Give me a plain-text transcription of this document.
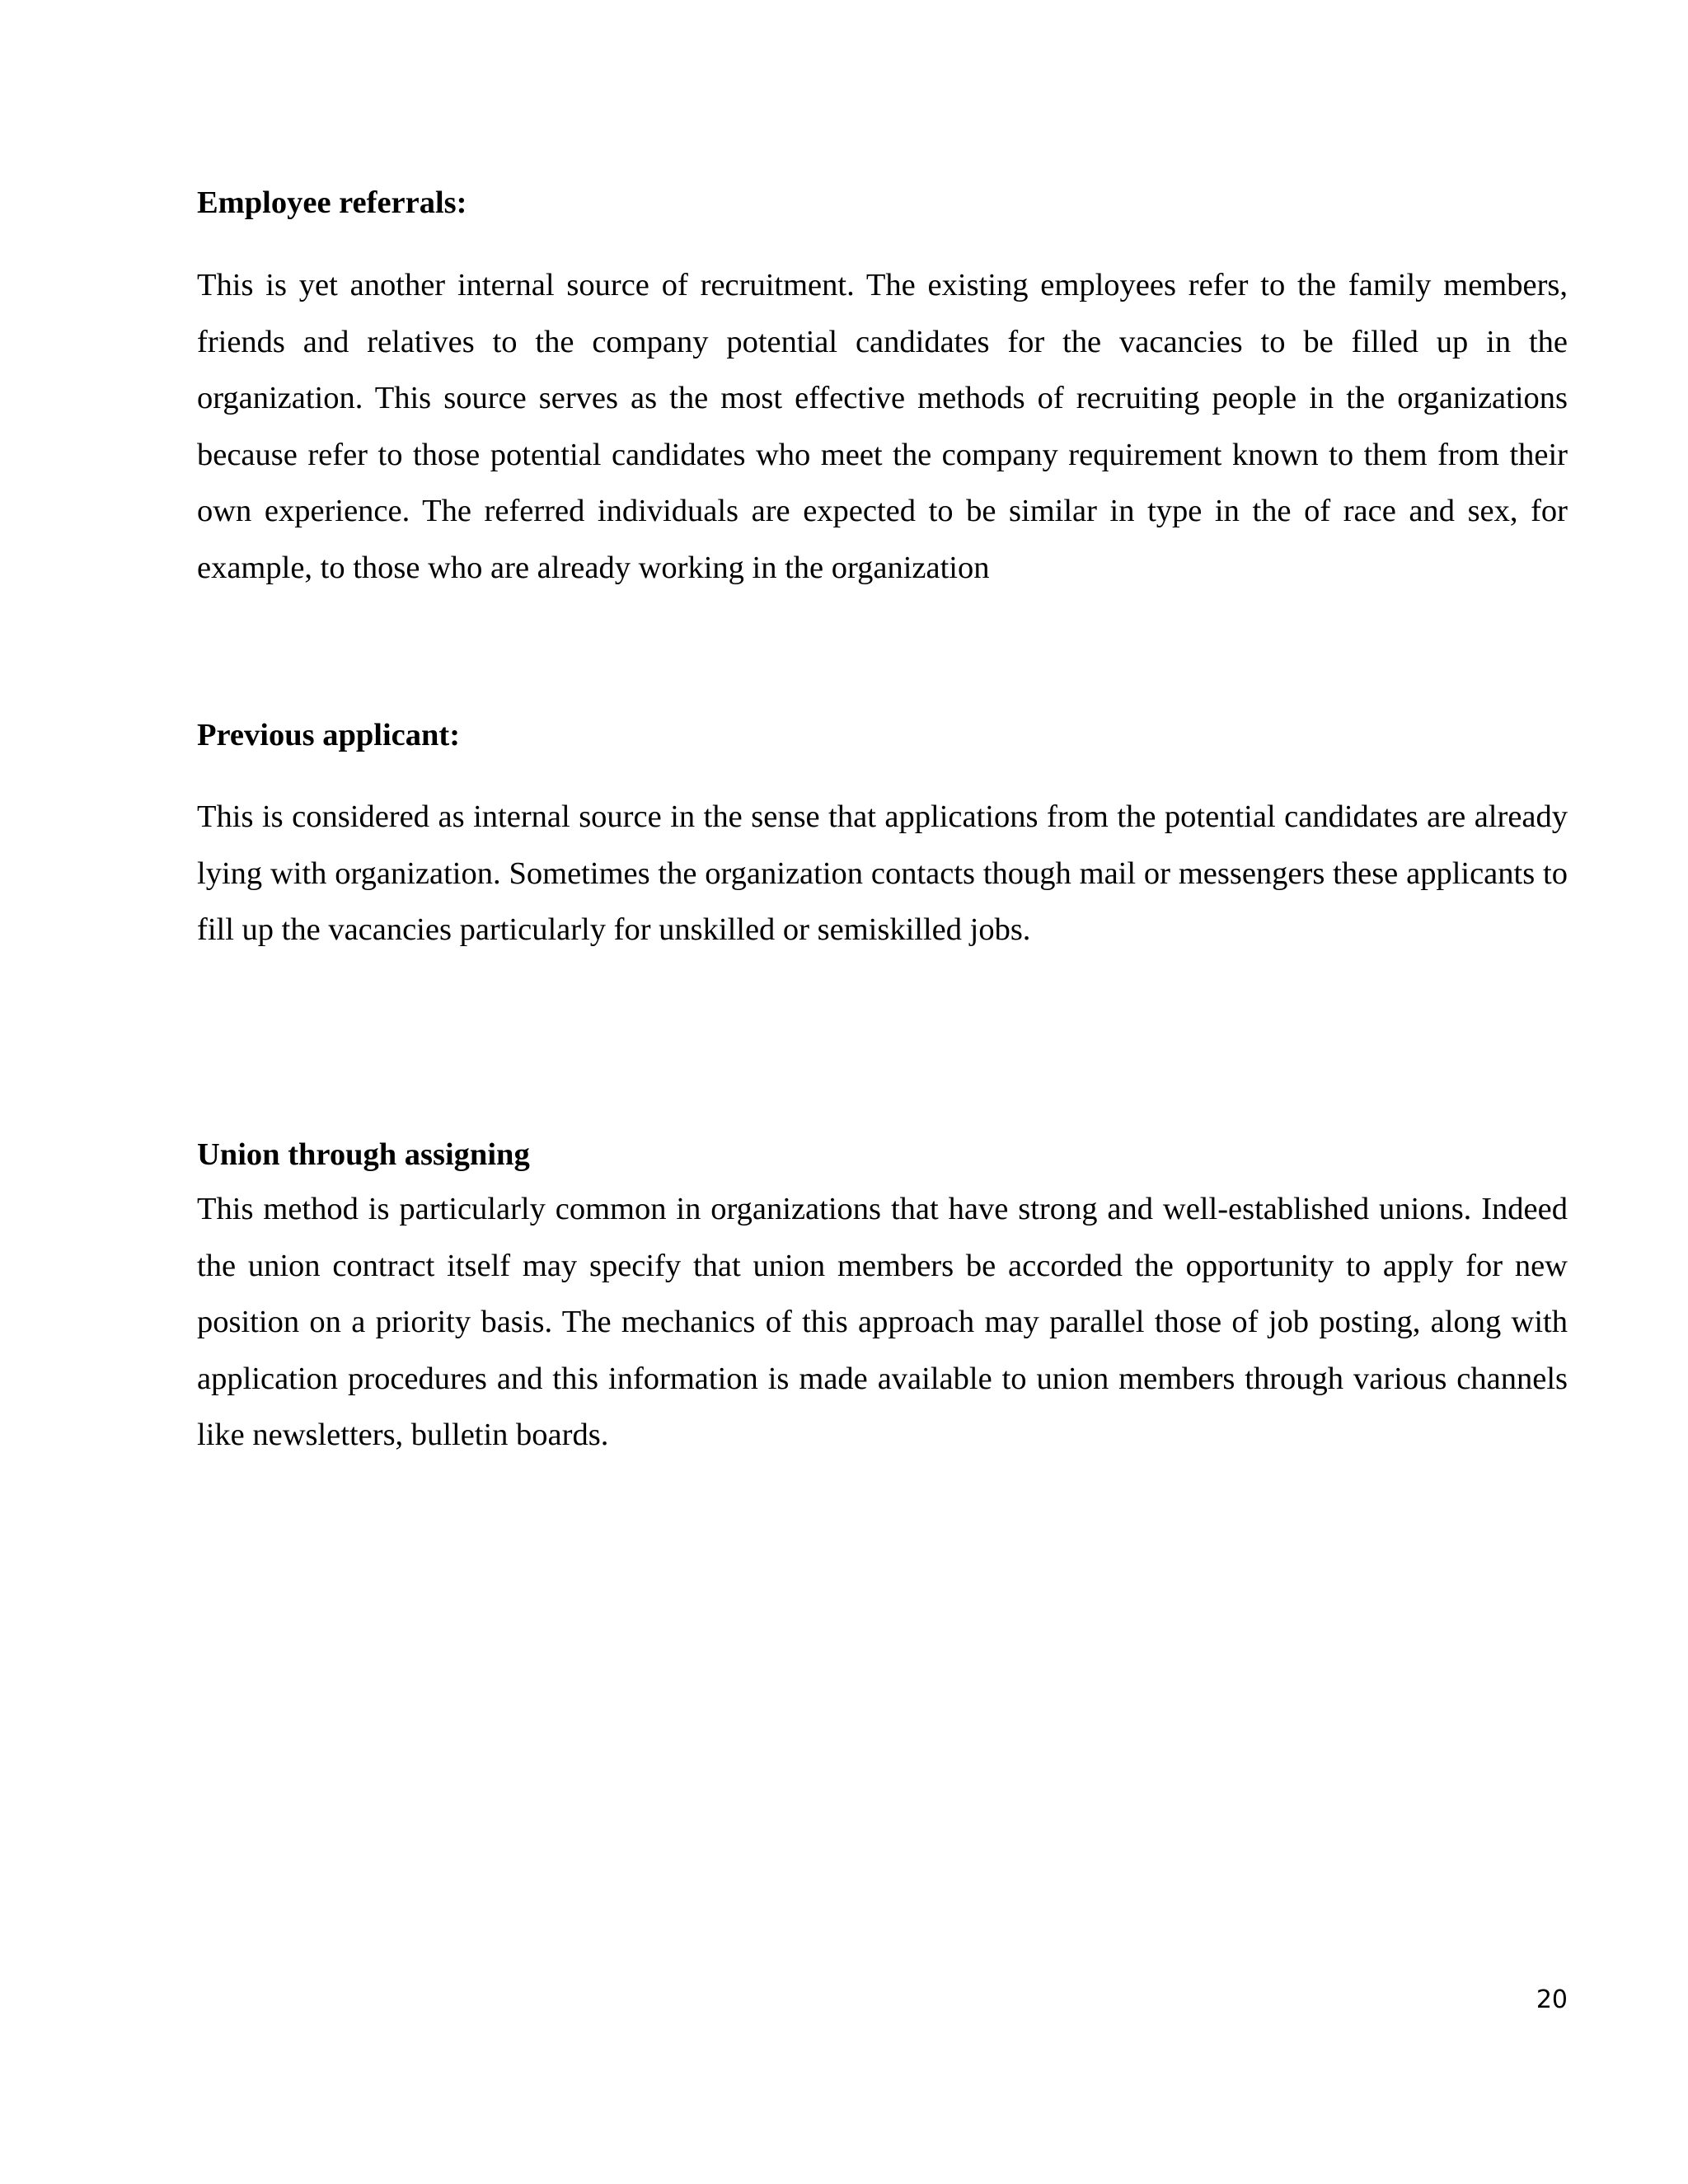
Employee referrals:

This is yet another internal source of recruitment. The existing employees refer to the family members, friends and relatives to the company potential candidates for the vacancies to be filled up in the organization. This source serves as the most effective methods of recruiting people in the organizations because refer to those potential candidates who meet the company requirement known to them from their own experience. The referred individuals are expected to be similar in type in the of race and sex, for example, to those who are already working in the organization

Previous applicant:

This is considered as internal source in the sense that applications from the potential candidates are already lying with organization. Sometimes the organization contacts though mail or messengers these applicants to fill up the vacancies particularly for unskilled or semiskilled jobs.

Union through assigning

This method is particularly common in organizations that have strong and well-established unions. Indeed the union contract itself may specify that union members be accorded the opportunity to apply for new position on a priority basis. The mechanics of this approach may parallel those of job posting, along with application procedures and this information is made available to union members through various channels like newsletters, bulletin boards.

20
